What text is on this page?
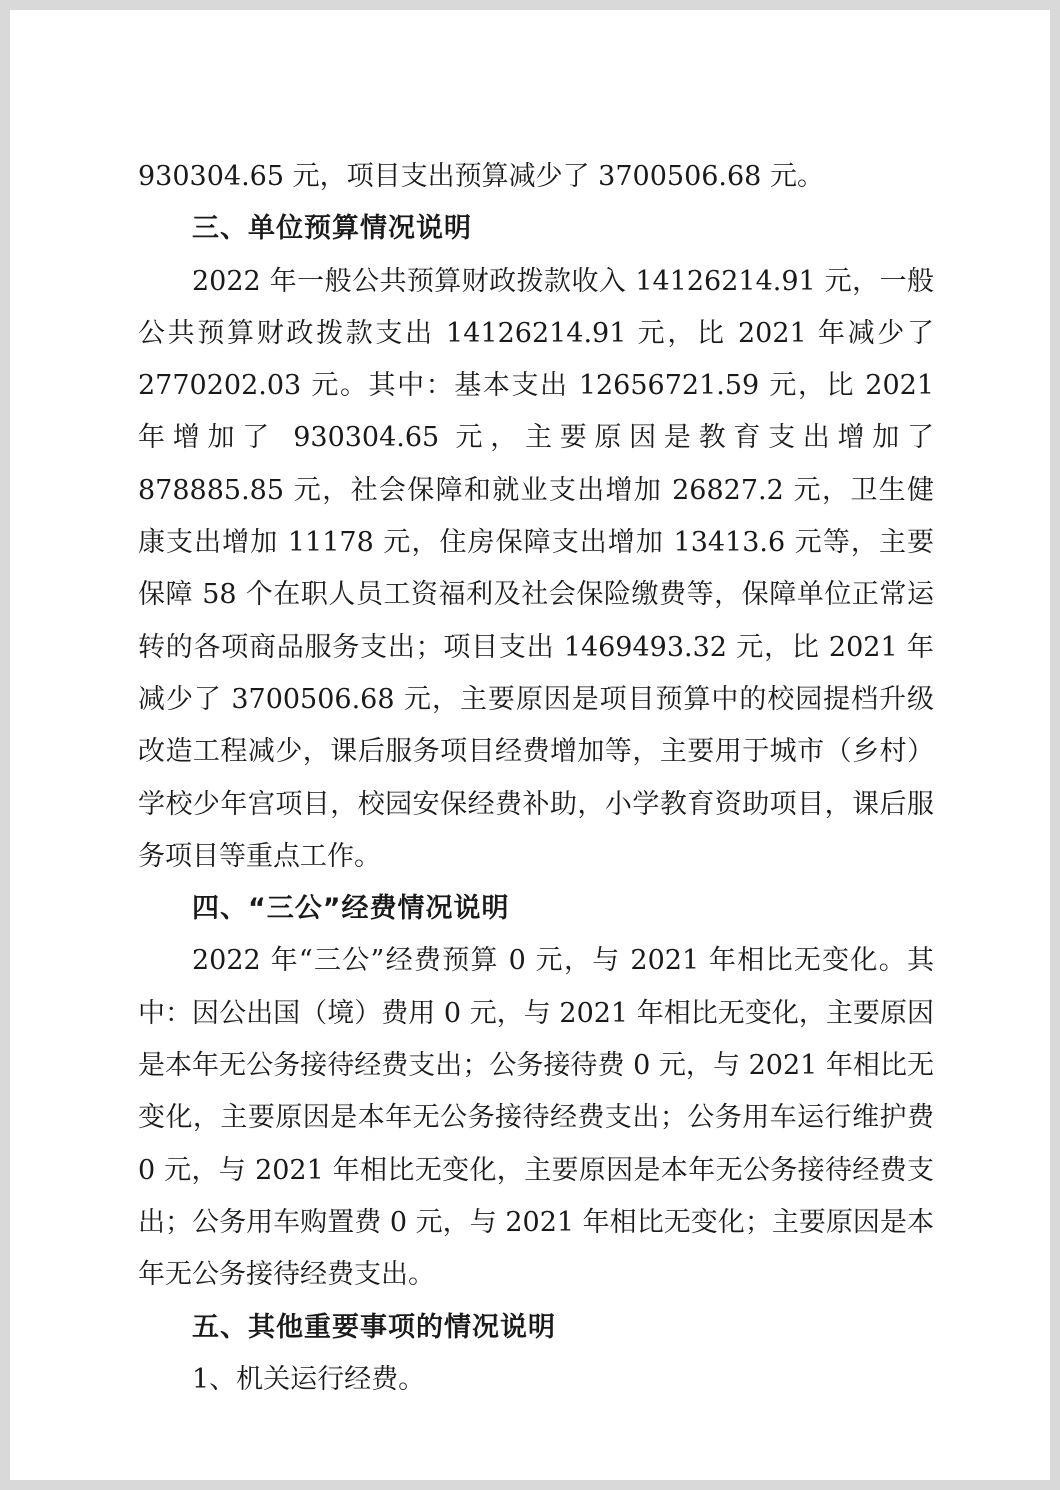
930304.65 元，项目支出预算减少了 3700506.68 元。

三、单位预算情况说明

2022 年一般公共预算财政拨款收入 14126214.91 元，一般公共预算财政拨款支出 14126214.91 元，比 2021 年减少了 2770202.03 元。其中：基本支出 12656721.59 元，比 2021 年增加了 930304.65 元，主要原因是教育支出增加了 878885.85 元，社会保障和就业支出增加 26827.2 元，卫生健康支出增加 11178 元，住房保障支出增加 13413.6 元等，主要保障 58 个在职人员工资福利及社会保险缴费等，保障单位正常运转的各项商品服务支出；项目支出 1469493.32 元，比 2021 年减少了 3700506.68 元，主要原因是项目预算中的校园提档升级改造工程减少，课后服务项目经费增加等，主要用于城市（乡村）学校少年宫项目，校园安保经费补助，小学教育资助项目，课后服务项目等重点工作。

四、“三公”经费情况说明

2022 年“三公”经费预算 0 元，与 2021 年相比无变化。其中：因公出国（境）费用 0 元，与 2021 年相比无变化，主要原因是本年无公务接待经费支出；公务接待费 0 元，与 2021 年相比无变化，主要原因是本年无公务接待经费支出；公务用车运行维护费 0 元，与 2021 年相比无变化，主要原因是本年无公务接待经费支出；公务用车购置费 0 元，与 2021 年相比无变化；主要原因是本年无公务接待经费支出。

五、其他重要事项的情况说明

1、机关运行经费。
